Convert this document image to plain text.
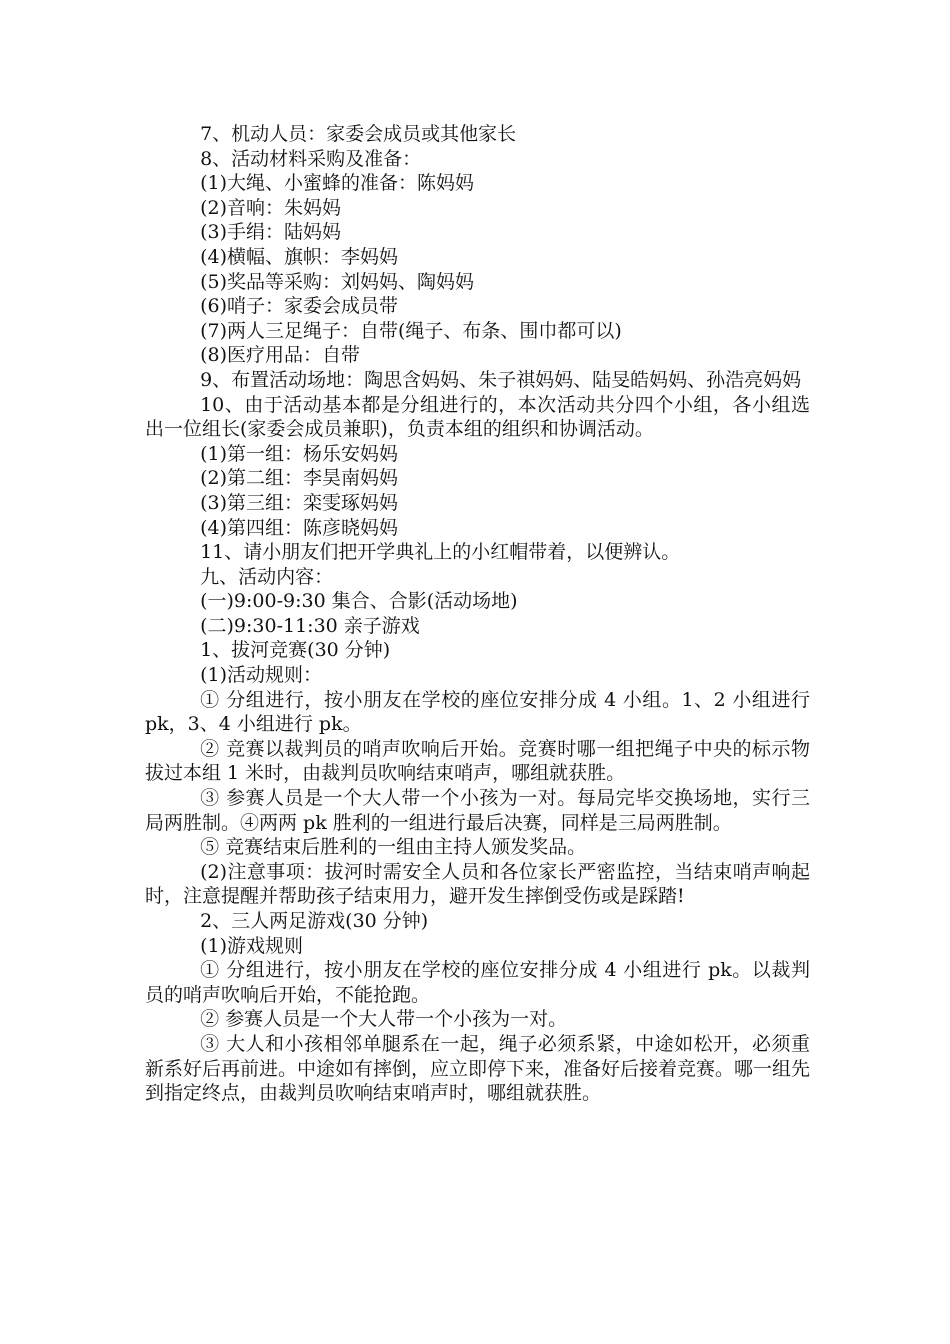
7、机动人员：家委会成员或其他家长

8、活动材料采购及准备：

(1)大绳、小蜜蜂的准备：陈妈妈

(2)音响：朱妈妈

(3)手绢：陆妈妈

(4)横幅、旗帜：李妈妈

(5)奖品等采购：刘妈妈、陶妈妈

(6)哨子：家委会成员带

(7)两人三足绳子：自带(绳子、布条、围巾都可以)

(8)医疗用品：自带

9、布置活动场地：陶思含妈妈、朱子祺妈妈、陆旻皓妈妈、孙浩亮妈妈

10、由于活动基本都是分组进行的，本次活动共分四个小组，各小组选出一位组长(家委会成员兼职)，负责本组的组织和协调活动。

(1)第一组：杨乐安妈妈

(2)第二组：李昊南妈妈

(3)第三组：栾雯琢妈妈

(4)第四组：陈彦晓妈妈

11、请小朋友们把开学典礼上的小红帽带着，以便辨认。

九、活动内容：

(一)9:00-9:30 集合、合影(活动场地)

(二)9:30-11:30 亲子游戏

1、拔河竞赛(30 分钟)

(1)活动规则：

① 分组进行，按小朋友在学校的座位安排分成 4 小组。1、2 小组进行 pk，3、4 小组进行 pk。

② 竞赛以裁判员的哨声吹响后开始。竞赛时哪一组把绳子中央的标示物拔过本组 1 米时，由裁判员吹响结束哨声，哪组就获胜。

③ 参赛人员是一个大人带一个小孩为一对。每局完毕交换场地，实行三局两胜制。④两两 pk 胜利的一组进行最后决赛，同样是三局两胜制。

⑤ 竞赛结束后胜利的一组由主持人颁发奖品。

(2)注意事项：拔河时需安全人员和各位家长严密监控，当结束哨声响起时，注意提醒并帮助孩子结束用力，避开发生摔倒受伤或是踩踏!

2、三人两足游戏(30 分钟)

(1)游戏规则

① 分组进行，按小朋友在学校的座位安排分成 4 小组进行 pk。以裁判员的哨声吹响后开始，不能抢跑。

② 参赛人员是一个大人带一个小孩为一对。

③ 大人和小孩相邻单腿系在一起，绳子必须系紧，中途如松开，必须重新系好后再前进。中途如有摔倒，应立即停下来，准备好后接着竞赛。哪一组先到指定终点，由裁判员吹响结束哨声时，哪组就获胜。
